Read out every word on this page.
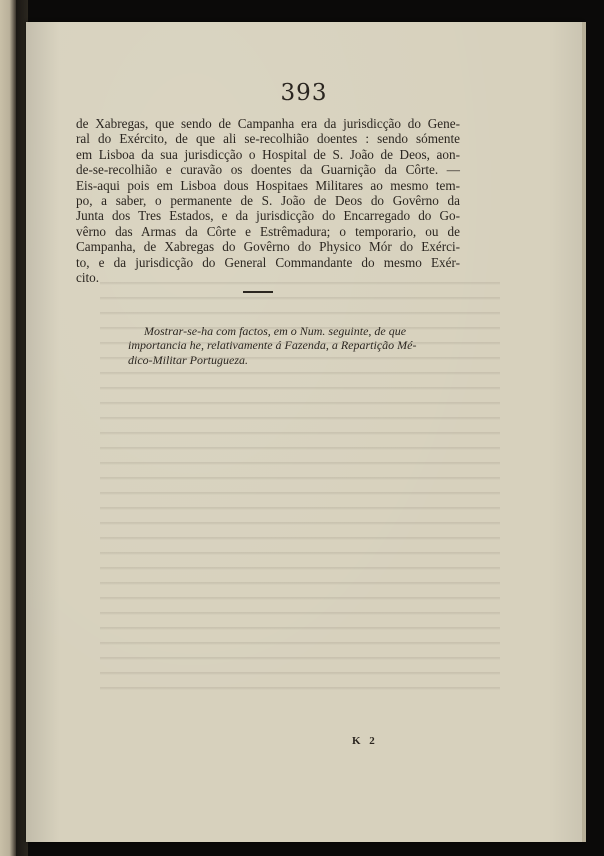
393
de Xabregas, que sendo de Campanha era da jurisdicção do Gene-
ral do Exército, de que ali se-recolhião doentes : sendo sómente
em Lisboa da sua jurisdicção o Hospital de S. João de Deos, aon-
de-se-recolhião e curavão os doentes da Guarnição da Côrte. —
Eis-aqui pois em Lisboa dous Hospitaes Militares ao mesmo tem-
po, a saber, o permanente de S. João de Deos do Govêrno da
Junta dos Tres Estados, e da jurisdicção do Encarregado do Go-
vêrno das Armas da Côrte e Estrêmadura; o temporario, ou de
Campanha, de Xabregas do Govêrno do Physico Mór do Exérci-
to, e da jurisdicção do General Commandante do mesmo Exér-
cito.
Mostrar-se-ha com factos, em o Num. seguinte, de que
importancia he, relativamente á Fazenda, a Repartição Mé-
dico-Militar Portugueza.
K 2
